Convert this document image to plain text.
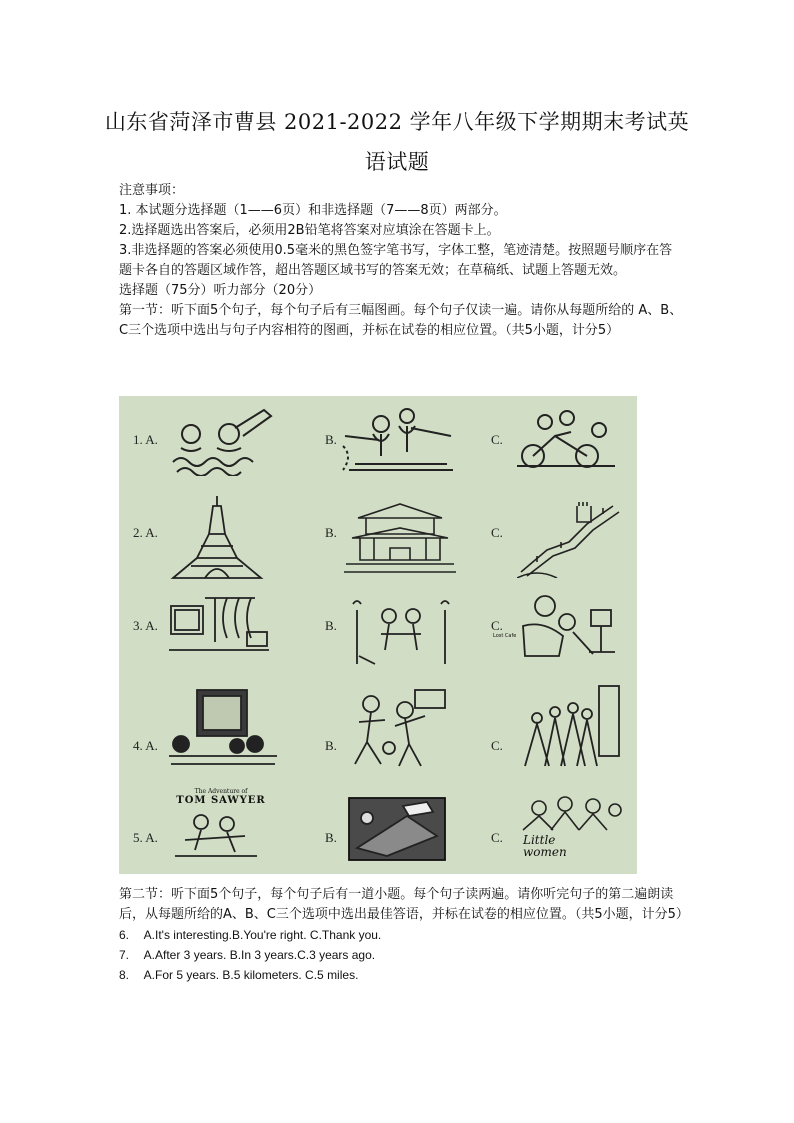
山东省菏泽市曹县 2021-2022 学年八年级下学期期末考试英
语试题

注意事项：

1. 本试题分选择题（1——6页）和非选择题（7——8页）两部分。

2.选择题选出答案后，必须用2B铅笔将答案对应填涂在答题卡上。

3.非选择题的答案必须使用0.5毫米的黑色签字笔书写，字体工整，笔迹清楚。按照题号顺序在答题卡各自的答题区域作答，超出答题区域书写的答案无效；在草稿纸、试题上答题无效。

选择题（75分）听力部分（20分）

第一节：听下面5个句子，每个句子后有三幅图画。每个句子仅读一遍。请你从每题所给的 A、B、C三个选项中选出与句子内容相符的图画，并标在试卷的相应位置。（共5小题，计分5）

1. A.	B.	C.
2. A.	B.	C.
3. A.	B.	C.
4. A.	B.	C.
5. A.	B.	C.
Lost Cafe
The Adventure of
TOM SAWYER
Little
women

第二节：听下面5个句子，每个句子后有一道小题。每个句子读两遍。请你听完句子的第二遍朗读后，从每题所给的A、B、C三个选项中选出最佳答语，并标在试卷的相应位置。（共5小题，计分5）

6. A.It's interesting.B.You're right. C.Thank you.

7. A.After 3 years. B.In 3 years.C.3 years ago.

8. A.For 5 years. B.5 kilometers. C.5 miles.
